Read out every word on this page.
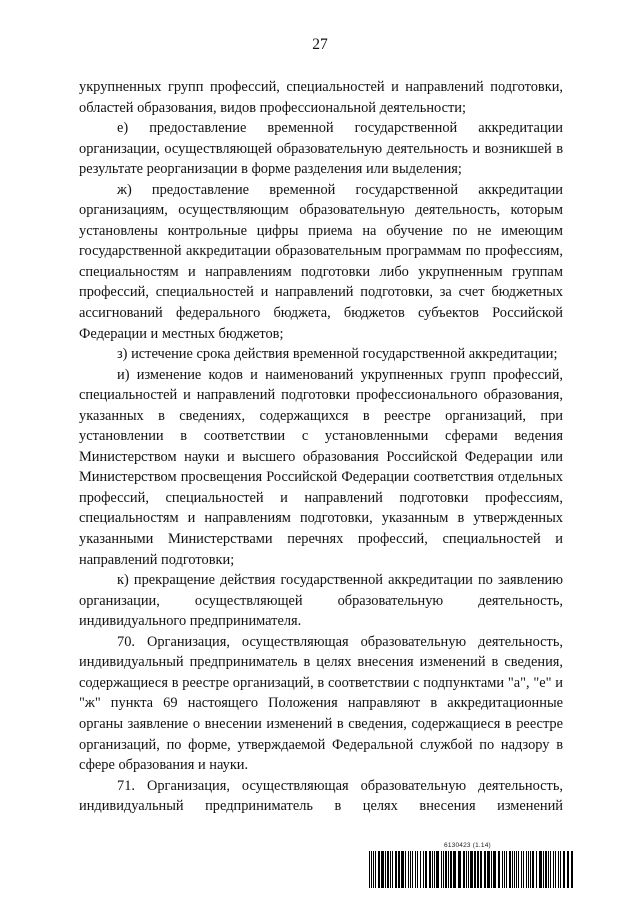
27

укрупненных групп профессий, специальностей и направлений подготовки, областей образования, видов профессиональной деятельности;

е) предоставление временной государственной аккредитации организации, осуществляющей образовательную деятельность и возникшей в результате реорганизации в форме разделения или выделения;

ж) предоставление временной государственной аккредитации организациям, осуществляющим образовательную деятельность, которым установлены контрольные цифры приема на обучение по не имеющим государственной аккредитации образовательным программам по профессиям, специальностям и направлениям подготовки либо укрупненным группам профессий, специальностей и направлений подготовки, за счет бюджетных ассигнований федерального бюджета, бюджетов субъектов Российской Федерации и местных бюджетов;

з) истечение срока действия временной государственной аккредитации;

и) изменение кодов и наименований укрупненных групп профессий, специальностей и направлений подготовки профессионального образования, указанных в сведениях, содержащихся в реестре организаций, при установлении в соответствии с установленными сферами ведения Министерством науки и высшего образования Российской Федерации или Министерством просвещения Российской Федерации соответствия отдельных профессий, специальностей и направлений подготовки профессиям, специальностям и направлениям подготовки, указанным в утвержденных указанными Министерствами перечнях профессий, специальностей и направлений подготовки;

к) прекращение действия государственной аккредитации по заявлению организации, осуществляющей образовательную деятельность, индивидуального предпринимателя.

70. Организация, осуществляющая образовательную деятельность, индивидуальный предприниматель в целях внесения изменений в сведения, содержащиеся в реестре организаций, в соответствии с подпунктами "а", "е" и "ж" пункта 69 настоящего Положения направляют в аккредитационные органы заявление о внесении изменений в сведения, содержащиеся в реестре организаций, по форме, утверждаемой Федеральной службой по надзору в сфере образования и науки.

71. Организация, осуществляющая образовательную деятельность, индивидуальный предприниматель в целях внесения изменений

6130423 (1.14)
